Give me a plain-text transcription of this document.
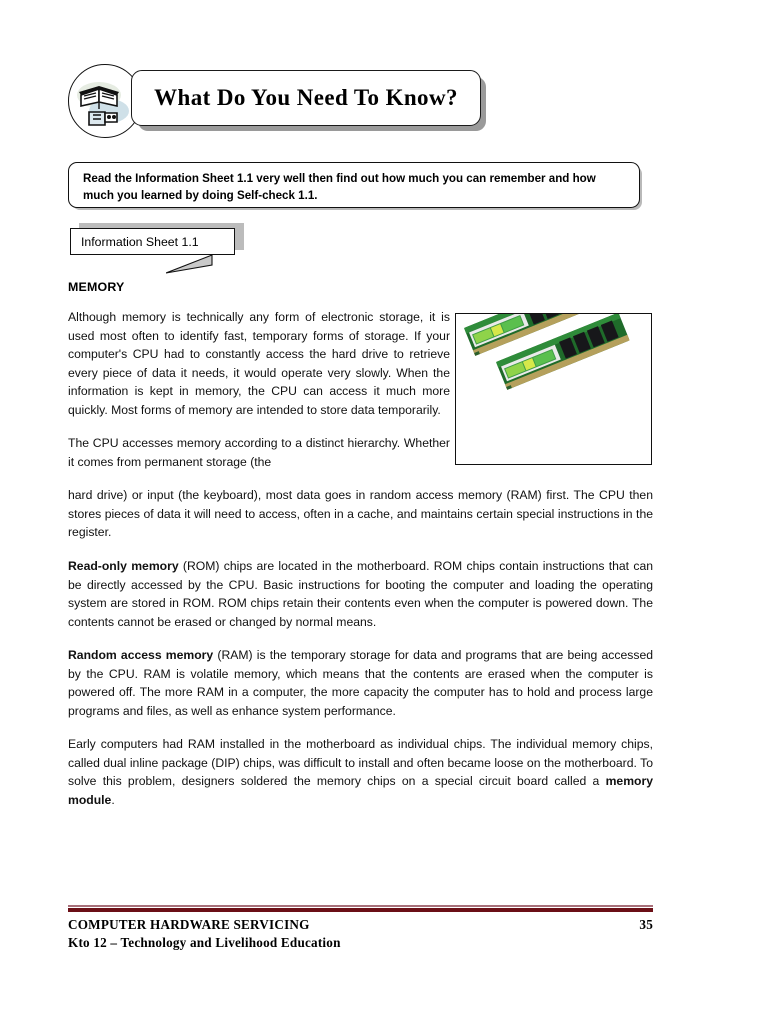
What Do You Need To Know?
Read the Information Sheet 1.1 very well then find out how much you can remember and how much you learned by doing Self-check 1.1.
Information Sheet 1.1
MEMORY

Although memory is technically any form of electronic storage, it is used most often to identify fast, temporary forms of storage. If your computer's CPU had to constantly access the hard drive to retrieve every piece of data it needs, it would operate very slowly. When the information is kept in memory, the CPU can access it much more quickly. Most forms of memory are intended to store data temporarily.

The CPU accesses memory according to a distinct hierarchy. Whether it comes from permanent storage (the

hard drive) or input (the keyboard), most data goes in random access memory (RAM) first. The CPU then stores pieces of data it will need to access, often in a cache, and maintains certain special instructions in the register.

Read-only memory (ROM) chips are located in the motherboard. ROM chips contain instructions that can be directly accessed by the CPU. Basic instructions for booting the computer and loading the operating system are stored in ROM. ROM chips retain their contents even when the computer is powered down. The contents cannot be erased or changed by normal means.

Random access memory (RAM) is the temporary storage for data and programs that are being accessed by the CPU. RAM is volatile memory, which means that the contents are erased when the computer is powered off. The more RAM in a computer, the more capacity the computer has to hold and process large programs and files, as well as enhance system performance.

Early computers had RAM installed in the motherboard as individual chips. The individual memory chips, called dual inline package (DIP) chips, was difficult to install and often became loose on the motherboard. To solve this problem, designers soldered the memory chips on a special circuit board called a memory module.

COMPUTER HARDWARE SERVICING	35
Kto 12 – Technology and Livelihood Education
